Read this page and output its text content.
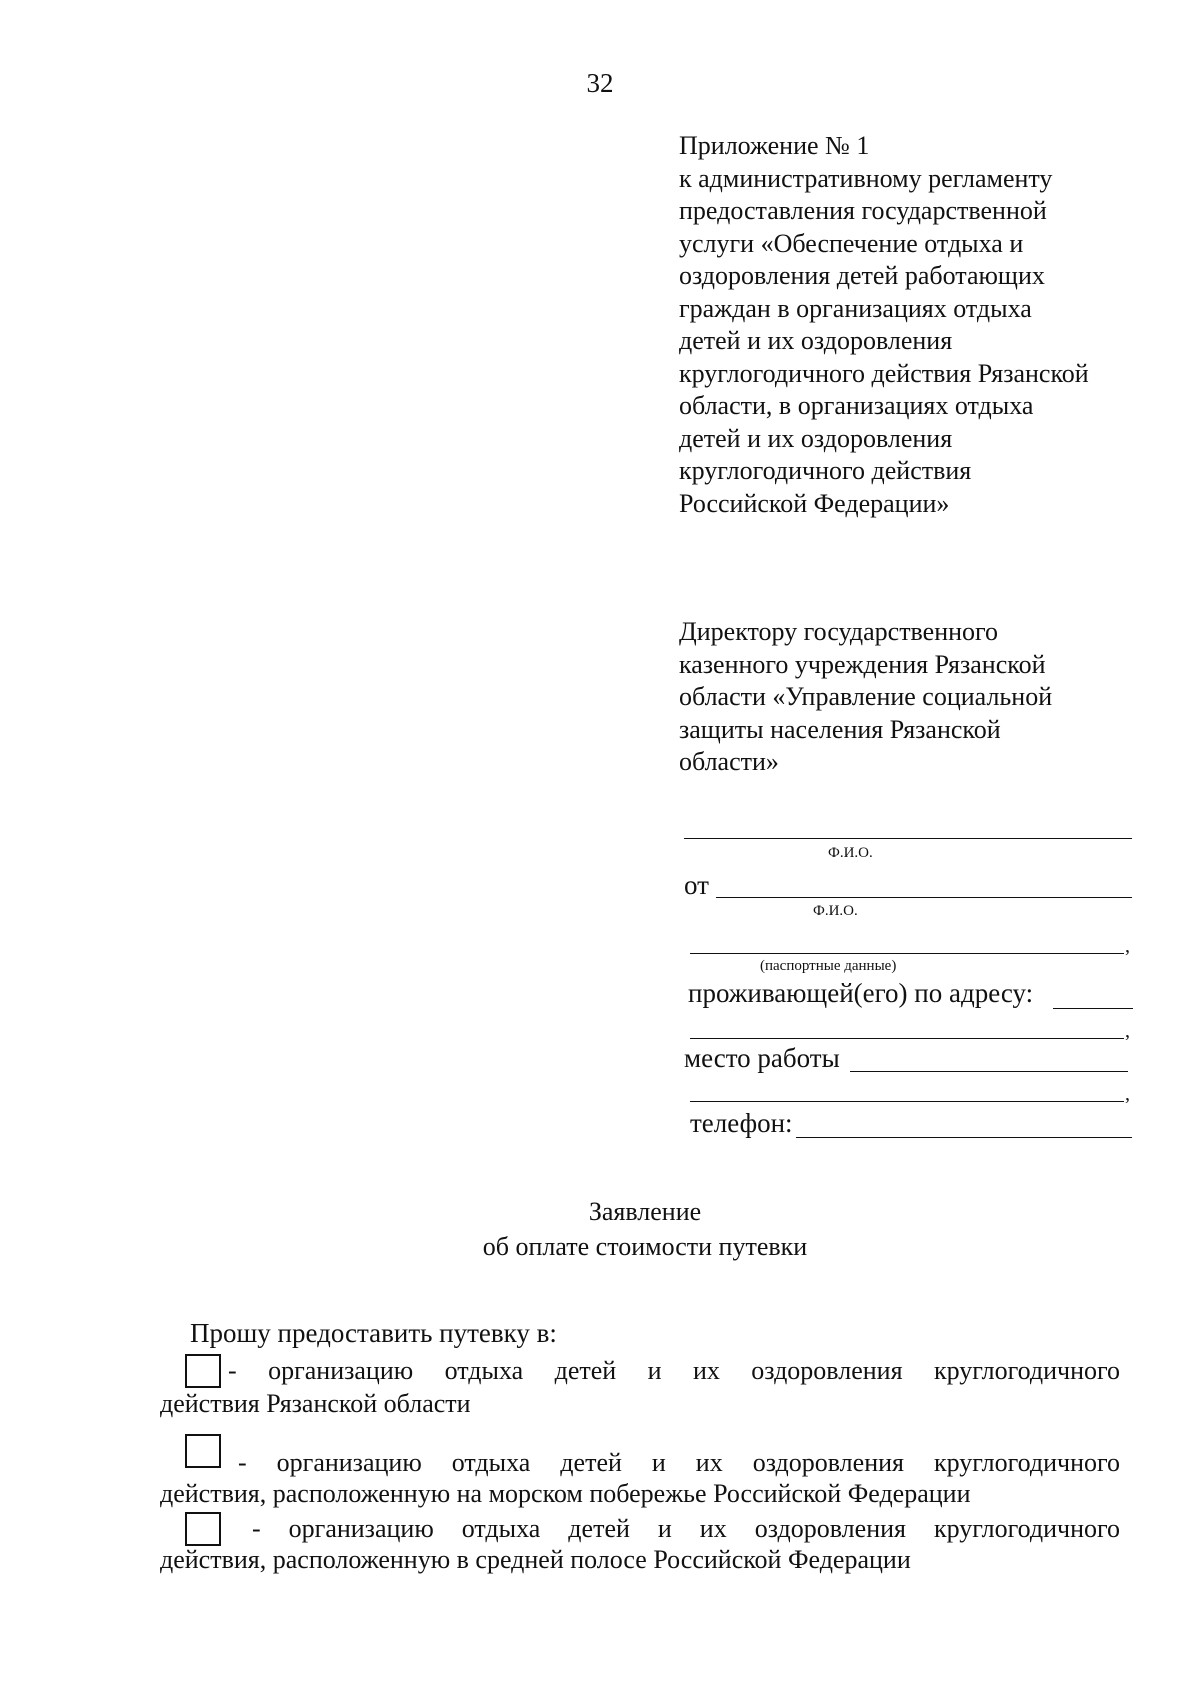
32
Приложение № 1
к административному регламенту
предоставления государственной
услуги «Обеспечение отдыха и
оздоровления детей работающих
граждан в организациях отдыха
детей и их оздоровления
круглогодичного действия Рязанской
области, в организациях отдыха
детей и их оздоровления
круглогодичного действия
Российской Федерации»
Директору государственного
казенного учреждения Рязанской
области «Управление социальной
защиты населения Рязанской
области»
Ф.И.О.
от
Ф.И.О.
,
(паспортные данные)
проживающей(его) по адресу:
,
место работы
,
телефон:
Заявление
об оплате стоимости путевки
Прошу предоставить путевку в:
- организацию отдыха детей и их оздоровления круглогодичного
действия Рязанской области
- организацию отдыха детей и их оздоровления круглогодичного
действия, расположенную на морском побережье Российской Федерации
- организацию отдыха детей и их оздоровления круглогодичного
действия, расположенную в средней полосе Российской Федерации
